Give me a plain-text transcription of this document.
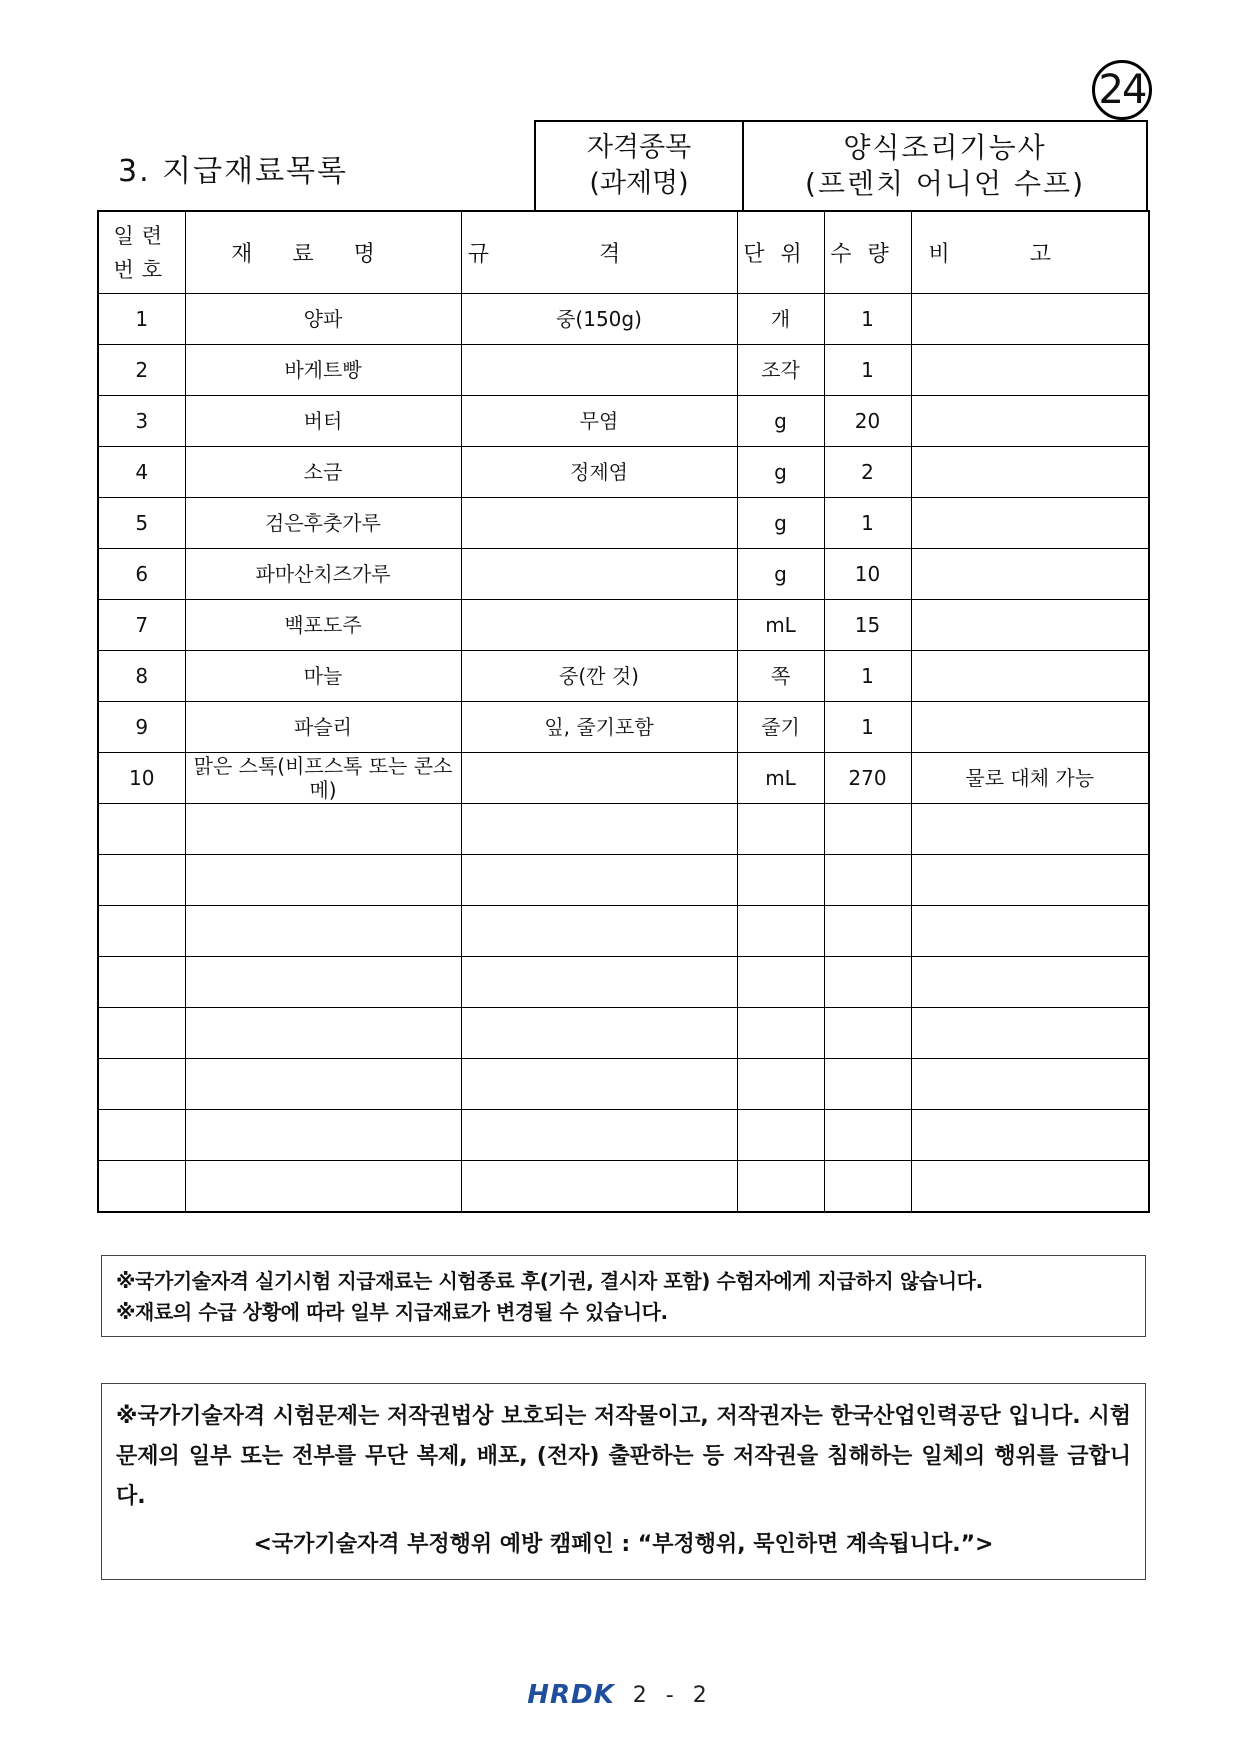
24
3. 지급재료목록
자격종목
(과제명)
양식조리기능사
(프렌치 어니언 수프)
일련
번호	재료명	규격	단위	수량	비고
1	양파	중(150g)	개	1	
2	바게트빵		조각	1	
3	버터	무염	g	20	
4	소금	정제염	g	2	
5	검은후춧가루		g	1	
6	파마산치즈가루		g	10	
7	백포도주		mL	15	
8	마늘	중(깐 것)	쪽	1	
9	파슬리	잎, 줄기포함	줄기	1	
10	맑은 스톡(비프스톡 또는 콘소메)		mL	270	물로 대체 가능

※국가기술자격 실기시험 지급재료는 시험종료 후(기권, 결시자 포함) 수험자에게 지급하지 않습니다.
※재료의 수급 상황에 따라 일부 지급재료가 변경될 수 있습니다.
※국가기술자격 시험문제는 저작권법상 보호되는 저작물이고, 저작권자는 한국산업인력공단 입니다. 시험문제의 일부 또는 전부를 무단 복제, 배포, (전자) 출판하는 등 저작권을 침해하는 일체의 행위를 금합니다.
<국가기술자격 부정행위 예방 캠페인 : “부정행위, 묵인하면 계속됩니다.”>
HRDK 2 - 2
